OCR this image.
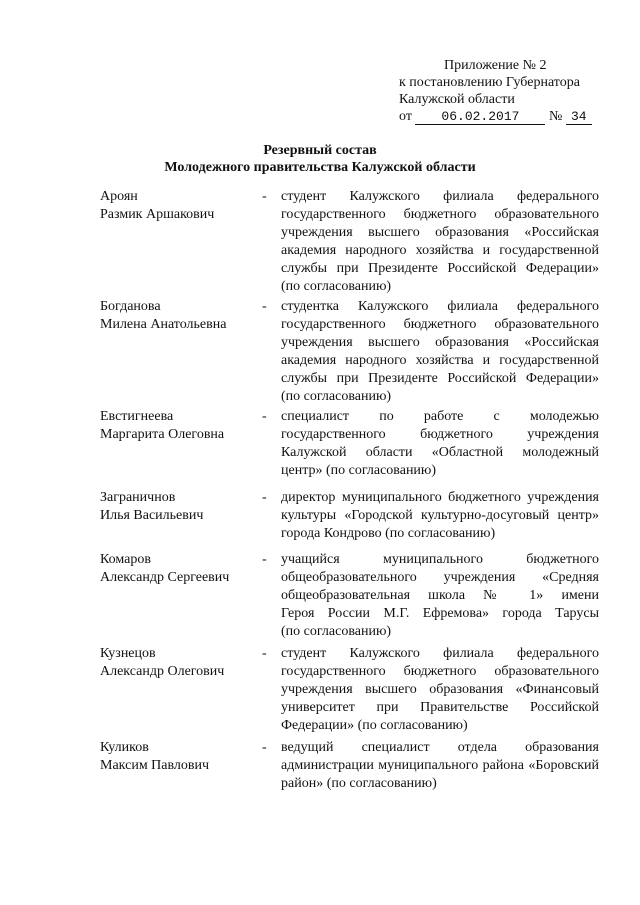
Приложение № 2
к постановлению Губернатора
Калужской области
от 06.02.2017 № 34
Резервный состав
Молодежного правительства Калужской области
Ароян
Размик Аршакович
- студент Калужского филиала федерального
государственного бюджетного образовательного
учреждения высшего образования «Российская
академия народного хозяйства и государственной
службы при Президенте Российской Федерации»
(по согласованию)
Богданова
Милена Анатольевна
- студентка Калужского филиала федерального
государственного бюджетного образовательного
учреждения высшего образования «Российская
академия народного хозяйства и государственной
службы при Президенте Российской Федерации»
(по согласованию)
Евстигнеева
Маргарита Олеговна
- специалист по работе с молодежью
государственного бюджетного учреждения
Калужской области «Областной молодежный
центр» (по согласованию)
Заграничнов
Илья Васильевич
- директор муниципального бюджетного учреждения
культуры «Городской культурно-досуговый центр»
города Кондрово (по согласованию)
Комаров
Александр Сергеевич
- учащийся муниципального бюджетного
общеобразовательного учреждения «Средняя
общеобразовательная школа № 1» имени
Героя России М.Г. Ефремова» города Тарусы
(по согласованию)
Кузнецов
Александр Олегович
- студент Калужского филиала федерального
государственного бюджетного образовательного
учреждения высшего образования «Финансовый
университет при Правительстве Российской
Федерации» (по согласованию)
Куликов
Максим Павлович
- ведущий специалист отдела образования
администрации муниципального района «Боровский
район» (по согласованию)
